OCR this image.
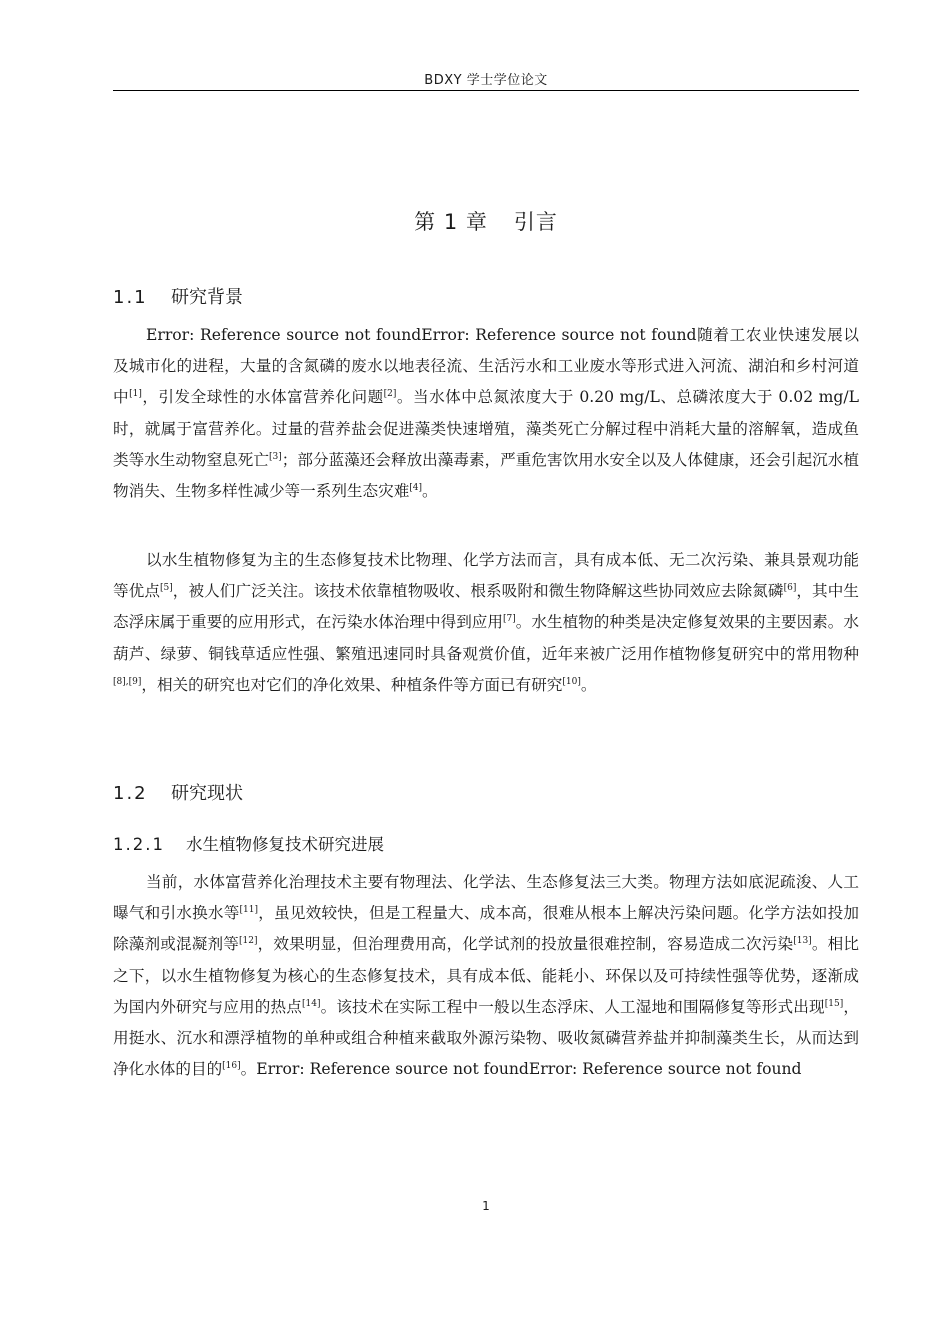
BDXY 学士学位论文
第 1 章 引言
1.1 研究背景

Error: Reference source not foundError: Reference source not found随着工农业快速发展以及城市化的进程，大量的含氮磷的废水以地表径流、生活污水和工业废水等形式进入河流、湖泊和乡村河道中[1]，引发全球性的水体富营养化问题[2]。当水体中总氮浓度大于 0.20 mg/L、总磷浓度大于 0.02 mg/L 时，就属于富营养化。过量的营养盐会促进藻类快速增殖，藻类死亡分解过程中消耗大量的溶解氧，造成鱼类等水生动物窒息死亡[3]；部分蓝藻还会释放出藻毒素，严重危害饮用水安全以及人体健康，还会引起沉水植物消失、生物多样性减少等一系列生态灾难[4]。

以水生植物修复为主的生态修复技术比物理、化学方法而言，具有成本低、无二次污染、兼具景观功能等优点[5]，被人们广泛关注。该技术依靠植物吸收、根系吸附和微生物降解这些协同效应去除氮磷[6]，其中生态浮床属于重要的应用形式，在污染水体治理中得到应用[7]。水生植物的种类是决定修复效果的主要因素。水葫芦、绿萝、铜钱草适应性强、繁殖迅速同时具备观赏价值，近年来被广泛用作植物修复研究中的常用物种[8],[9]，相关的研究也对它们的净化效果、种植条件等方面已有研究[10]。

1.2 研究现状
1.2.1 水生植物修复技术研究进展

当前，水体富营养化治理技术主要有物理法、化学法、生态修复法三大类。物理方法如底泥疏浚、人工曝气和引水换水等[11]，虽见效较快，但是工程量大、成本高，很难从根本上解决污染问题。化学方法如投加除藻剂或混凝剂等[12]，效果明显，但治理费用高，化学试剂的投放量很难控制，容易造成二次污染[13]。相比之下，以水生植物修复为核心的生态修复技术，具有成本低、能耗小、环保以及可持续性强等优势，逐渐成为国内外研究与应用的热点[14]。该技术在实际工程中一般以生态浮床、人工湿地和围隔修复等形式出现[15]，用挺水、沉水和漂浮植物的单种或组合种植来截取外源污染物、吸收氮磷营养盐并抑制藻类生长，从而达到净化水体的目的[16]。Error: Reference source not foundError: Reference source not found

1
